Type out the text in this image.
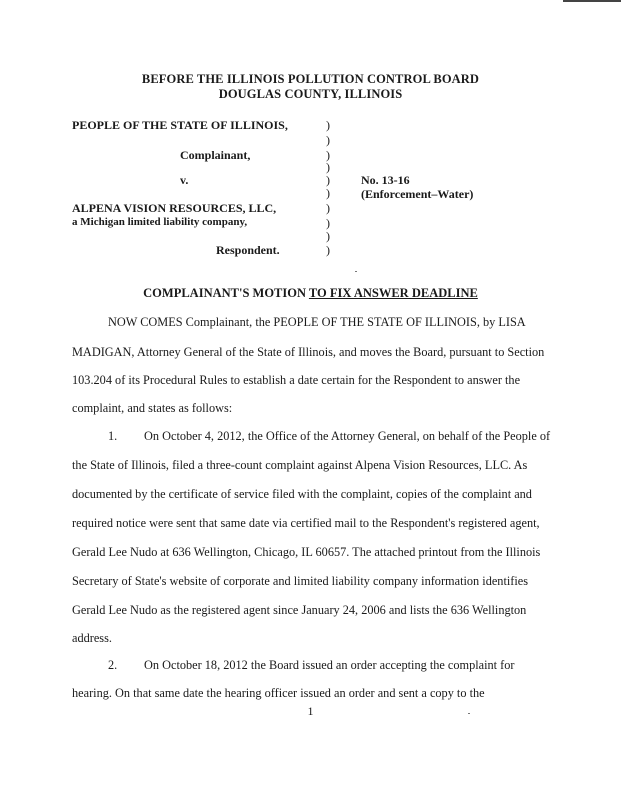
BEFORE THE ILLINOIS POLLUTION CONTROL BOARD
DOUGLAS COUNTY, ILLINOIS
PEOPLE OF THE STATE OF ILLINOIS,
Complainant,
v.
ALPENA VISION RESOURCES, LLC,
a Michigan limited liability company,
Respondent.
)
)
)
)
)
)
)
)
)
)
No. 13-16
(Enforcement–Water)
COMPLAINANT'S MOTION TO FIX ANSWER DEADLINE
NOW COMES Complainant, the PEOPLE OF THE STATE OF ILLINOIS, by LISA
MADIGAN, Attorney General of the State of Illinois, and moves the Board, pursuant to Section
103.204 of its Procedural Rules to establish a date certain for the Respondent to answer the
complaint, and states as follows:
1. On October 4, 2012, the Office of the Attorney General, on behalf of the People of
the State of Illinois, filed a three-count complaint against Alpena Vision Resources, LLC. As
documented by the certificate of service filed with the complaint, copies of the complaint and
required notice were sent that same date via certified mail to the Respondent's registered agent,
Gerald Lee Nudo at 636 Wellington, Chicago, IL 60657. The attached printout from the Illinois
Secretary of State's website of corporate and limited liability company information identifies
Gerald Lee Nudo as the registered agent since January 24, 2006 and lists the 636 Wellington
address.
2. On October 18, 2012 the Board issued an order accepting the complaint for
hearing. On that same date the hearing officer issued an order and sent a copy to the
1
